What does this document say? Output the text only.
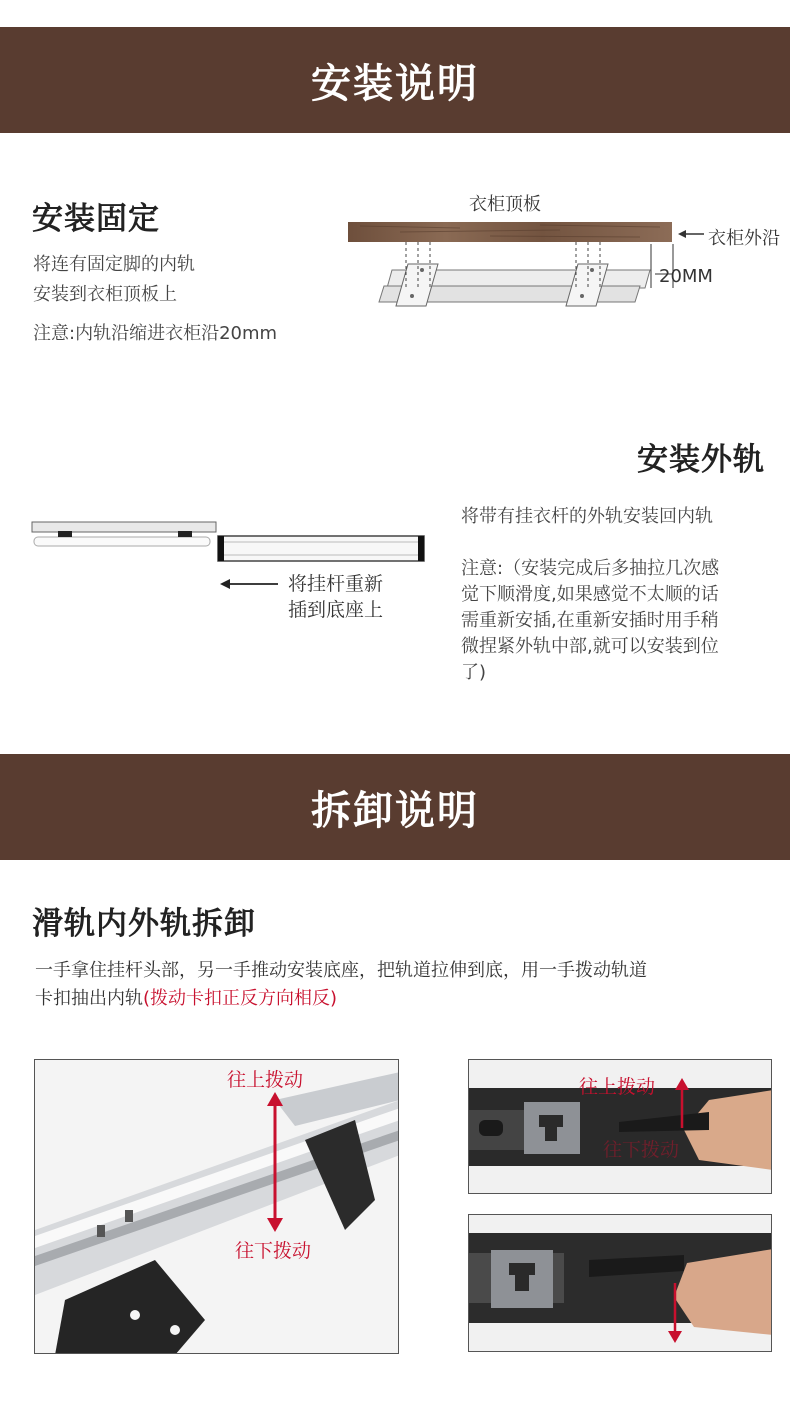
安装说明
安装固定
将连有固定脚的内轨
安装到衣柜顶板上
注意:内轨沿缩进衣柜沿20mm
衣柜顶板
衣柜外沿
20MM
安装外轨
将带有挂衣杆的外轨安装回内轨
注意:（安装完成后多抽拉几次感
觉下顺滑度,如果感觉不太顺的话
需重新安插,在重新安插时用手稍
微捏紧外轨中部,就可以安装到位
了)
将挂杆重新
插到底座上
拆卸说明
滑轨内外轨拆卸
一手拿住挂杆头部，另一手推动安装底座，把轨道拉伸到底，用一手拨动轨道
卡扣抽出内轨(拨动卡扣正反方向相反)
往上拨动
往下拨动
往上拨动
往下拨动
